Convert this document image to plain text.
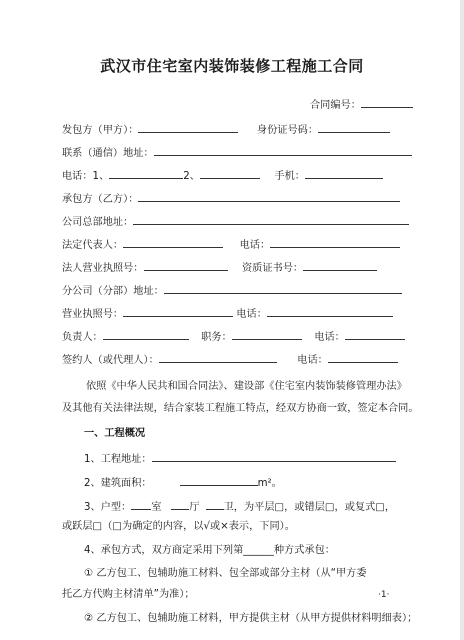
武汉市住宅室内装饰装修工程施工合同
合同编号：
发包方（甲方）：	身份证号码：
联系（通信）地址：
电话：1、	2、	手机：
承包方（乙方）：
公司总部地址：
法定代表人：	电话：
法人营业执照号：	资质证书号：
分公司（分部）地址：
营业执照号：	电话：
负责人：	职务：	电话：
签约人（或代理人）：	电话：
依照《中华人民共和国合同法》、建设部《住宅室内装饰装修管理办法》
及其他有关法律法规，结合家装工程施工特点，经双方协商一致，签定本合同。
一、工程概况
1、工程地址：
2、建筑面积：	m²。
3、户型： 室	厅 卫，为平层□，或错层□，或复式□，
或跃层□（□为确定的内容，以√或×表示，下同）。
4、承包方式，双方商定采用下列第______种方式承包：
① 乙方包工、包辅助施工材料、包全部或部分主材（从“甲方委
托乙方代购主材清单”为准）；
② 乙方包工、包辅助施工材料，甲方提供主材（从甲方提供材料明细表）；
·1·
